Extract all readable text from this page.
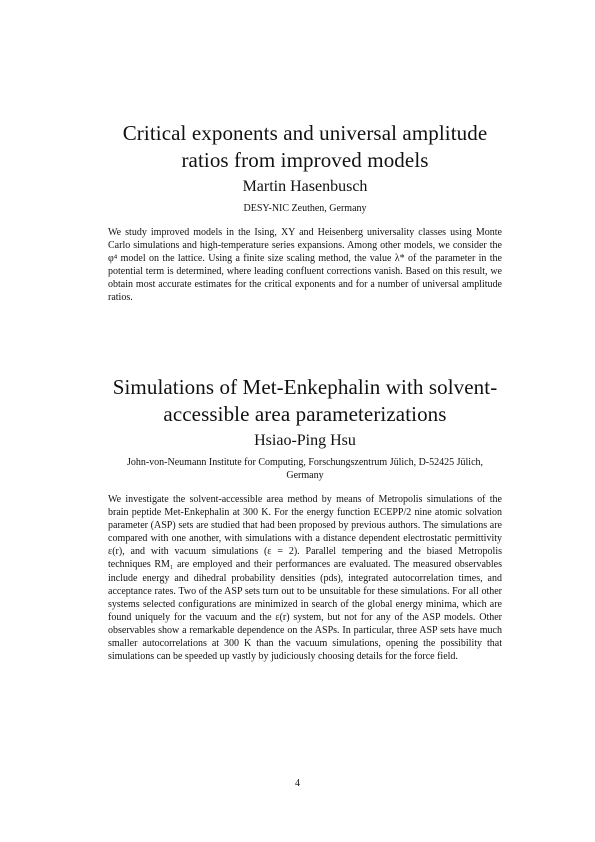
Critical exponents and universal amplitude ratios from improved models
Martin Hasenbusch
DESY-NIC Zeuthen, Germany

We study improved models in the Ising, XY and Heisenberg universality classes using Monte Carlo simulations and high-temperature series expansions. Among other models, we consider the φ⁴ model on the lattice. Using a finite size scaling method, the value λ* of the parameter in the potential term is determined, where leading confluent corrections vanish. Based on this result, we obtain most accurate estimates for the critical exponents and for a number of universal amplitude ratios.

Simulations of Met-Enkephalin with solvent-accessible area parameterizations
Hsiao-Ping Hsu
John-von-Neumann Institute for Computing, Forschungszentrum Jülich, D-52425 Jülich, Germany

We investigate the solvent-accessible area method by means of Metropolis simulations of the brain peptide Met-Enkephalin at 300 K. For the energy function ECEPP/2 nine atomic solvation parameter (ASP) sets are studied that had been proposed by previous authors. The simulations are compared with one another, with simulations with a distance dependent electrostatic permittivity ε(r), and with vacuum simulations (ε = 2). Parallel tempering and the biased Metropolis techniques RM₁ are employed and their performances are evaluated. The measured observables include energy and dihedral probability densities (pds), integrated autocorrelation times, and acceptance rates. Two of the ASP sets turn out to be unsuitable for these simulations. For all other systems selected configurations are minimized in search of the global energy minima, which are found uniquely for the vacuum and the ε(r) system, but not for any of the ASP models. Other observables show a remarkable dependence on the ASPs. In particular, three ASP sets have much smaller autocorrelations at 300 K than the vacuum simulations, opening the possibility that simulations can be speeded up vastly by judiciously choosing details for the force field.

4
